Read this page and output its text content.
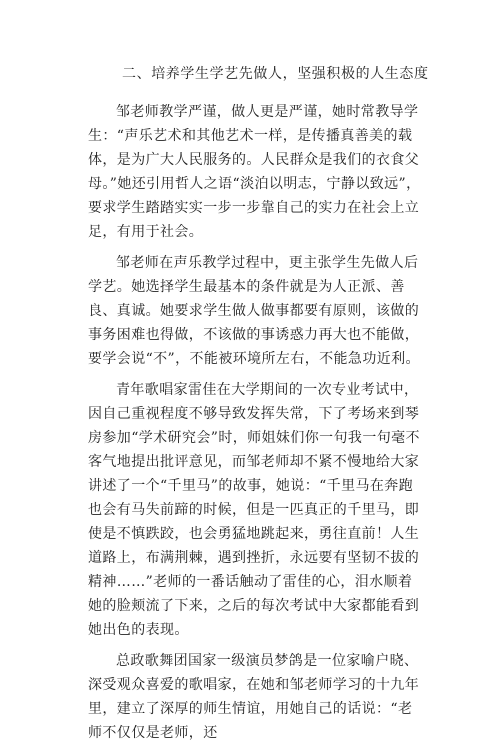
二、培养学生学艺先做人，坚强积极的人生态度

邹老师教学严谨，做人更是严谨，她时常教导学生：“声乐艺术和其他艺术一样，是传播真善美的载体，是为广大人民服务的。人民群众是我们的衣食父母。”她还引用哲人之语“淡泊以明志，宁静以致远”，要求学生踏踏实实一步一步靠自己的实力在社会上立足，有用于社会。

邹老师在声乐教学过程中，更主张学生先做人后学艺。她选择学生最基本的条件就是为人正派、善良、真诚。她要求学生做人做事都要有原则，该做的事务困难也得做，不该做的事诱惑力再大也不能做，要学会说“不”，不能被环境所左右，不能急功近利。

青年歌唱家雷佳在大学期间的一次专业考试中，因自己重视程度不够导致发挥失常，下了考场来到琴房参加“学术研究会”时，师姐妹们你一句我一句毫不客气地提出批评意见，而邹老师却不紧不慢地给大家讲述了一个“千里马”的故事，她说：“千里马在奔跑也会有马失前蹄的时候，但是一匹真正的千里马，即使是不慎跌跤，也会勇猛地跳起来，勇往直前！人生道路上，布满荆棘，遇到挫折，永远要有坚韧不拔的精神……”老师的一番话触动了雷佳的心，泪水顺着她的脸颊流了下来，之后的每次考试中大家都能看到她出色的表现。

总政歌舞团国家一级演员梦鸽是一位家喻户晓、深受观众喜爱的歌唱家，在她和邹老师学习的十九年里，建立了深厚的师生情谊，用她自己的话说：“老师不仅仅是老师，还
